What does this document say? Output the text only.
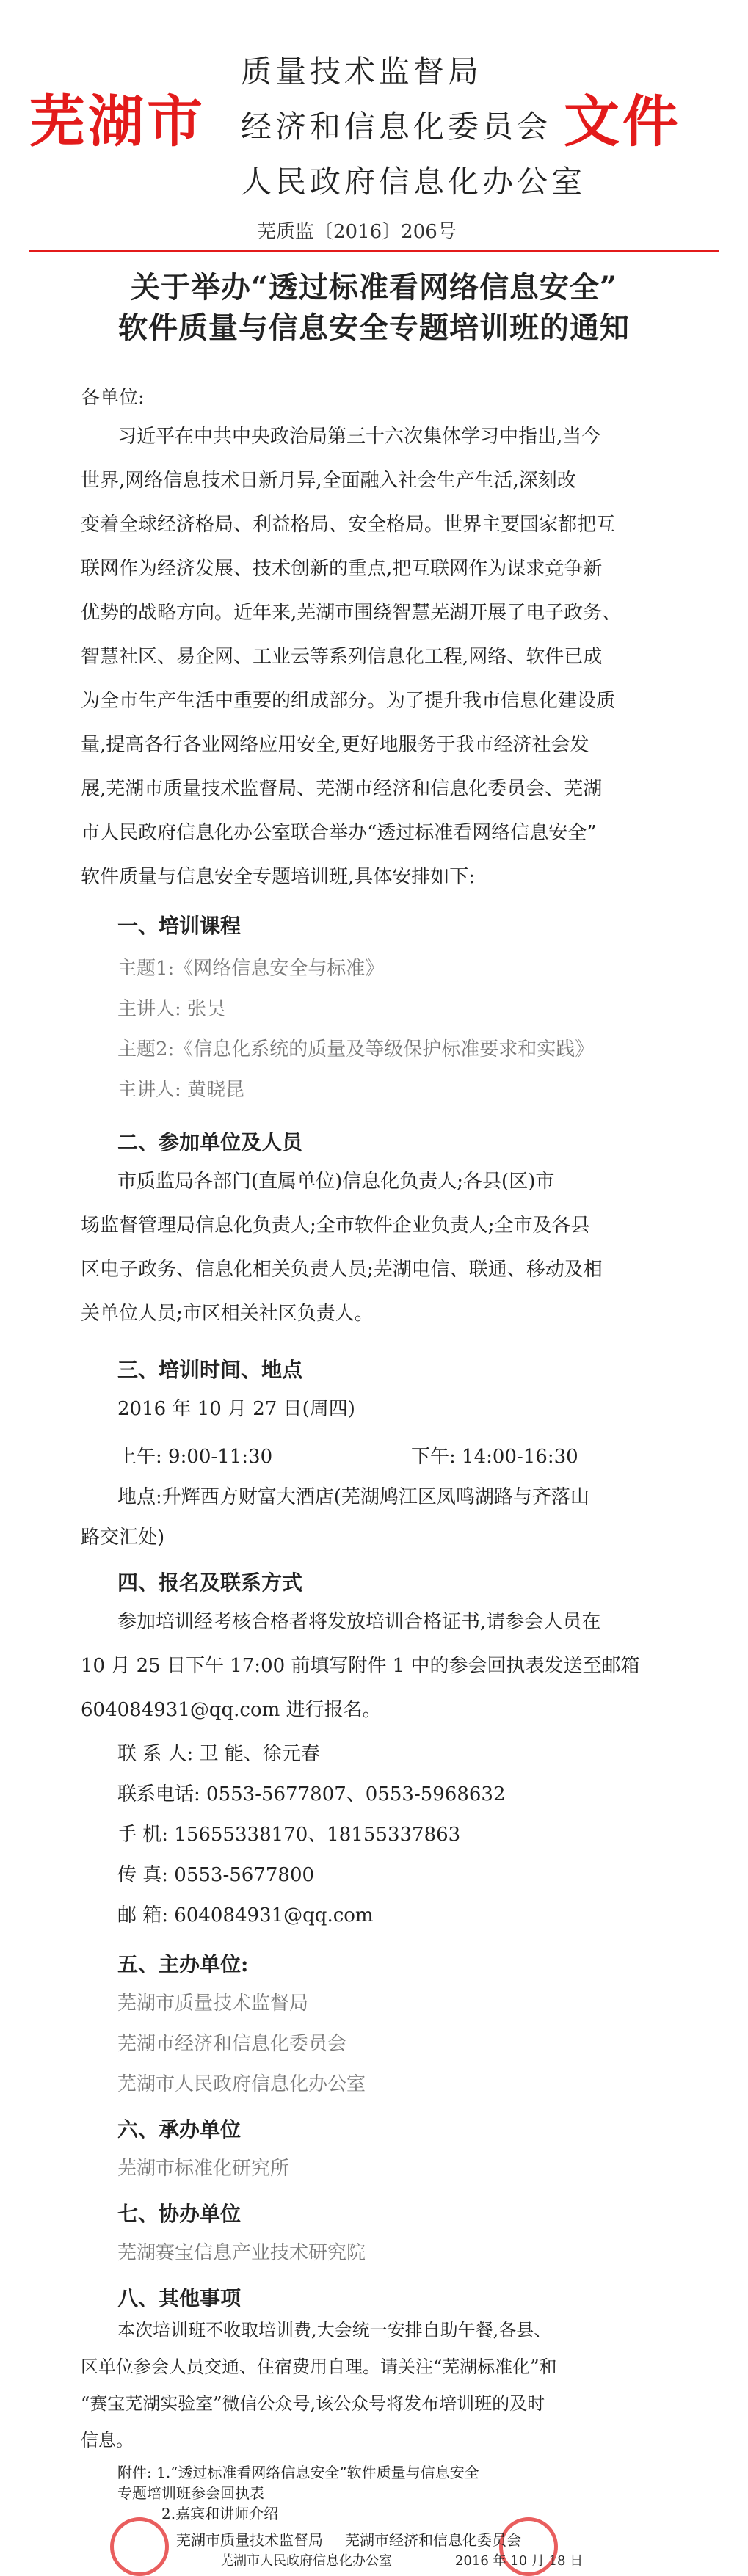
芜湖市
质量技术监督局
经济和信息化委员会
人民政府信息化办公室
文件
芜质监〔2016〕206号
关于举办“透过标准看网络信息安全”
软件质量与信息安全专题培训班的通知
各单位:
习近平在中共中央政治局第三十六次集体学习中指出,当今
世界,网络信息技术日新月异,全面融入社会生产生活,深刻改
变着全球经济格局、利益格局、安全格局。世界主要国家都把互
联网作为经济发展、技术创新的重点,把互联网作为谋求竞争新
优势的战略方向。近年来,芜湖市围绕智慧芜湖开展了电子政务、
智慧社区、易企网、工业云等系列信息化工程,网络、软件已成
为全市生产生活中重要的组成部分。为了提升我市信息化建设质
量,提高各行各业网络应用安全,更好地服务于我市经济社会发
展,芜湖市质量技术监督局、芜湖市经济和信息化委员会、芜湖
市人民政府信息化办公室联合举办“透过标准看网络信息安全”
软件质量与信息安全专题培训班,具体安排如下:
一、培训课程
主题1:《网络信息安全与标准》
主讲人: 张昊
主题2:《信息化系统的质量及等级保护标准要求和实践》
主讲人: 黄晓昆
二、参加单位及人员
市质监局各部门(直属单位)信息化负责人;各县(区)市
场监督管理局信息化负责人;全市软件企业负责人;全市及各县
区电子政务、信息化相关负责人员;芜湖电信、联通、移动及相
关单位人员;市区相关社区负责人。
三、培训时间、地点
2016 年 10 月 27 日(周四)
上午: 9:00-11:30	下午: 14:00-16:30
地点:升辉西方财富大酒店(芜湖鸠江区凤鸣湖路与齐落山
路交汇处)
四、报名及联系方式
参加培训经考核合格者将发放培训合格证书,请参会人员在
10 月 25 日下午 17:00 前填写附件 1 中的参会回执表发送至邮箱
604084931@qq.com 进行报名。
联 系 人: 卫 能、徐元春
联系电话: 0553-5677807、0553-5968632
手 机: 15655338170、18155337863
传 真: 0553-5677800
邮 箱: 604084931@qq.com
五、主办单位:
芜湖市质量技术监督局
芜湖市经济和信息化委员会
芜湖市人民政府信息化办公室
六、承办单位
芜湖市标准化研究所
七、协办单位
芜湖赛宝信息产业技术研究院
八、其他事项
本次培训班不收取培训费,大会统一安排自助午餐,各县、
区单位参会人员交通、住宿费用自理。请关注“芜湖标准化”和
“赛宝芜湖实验室”微信公众号,该公众号将发布培训班的及时
信息。
附件: 1.“透过标准看网络信息安全”软件质量与信息安全
专题培训班参会回执表
2.嘉宾和讲师介绍
芜湖市质量技术监督局 芜湖市经济和信息化委员会
芜湖市人民政府信息化办公室	2016 年 10 月 18 日
